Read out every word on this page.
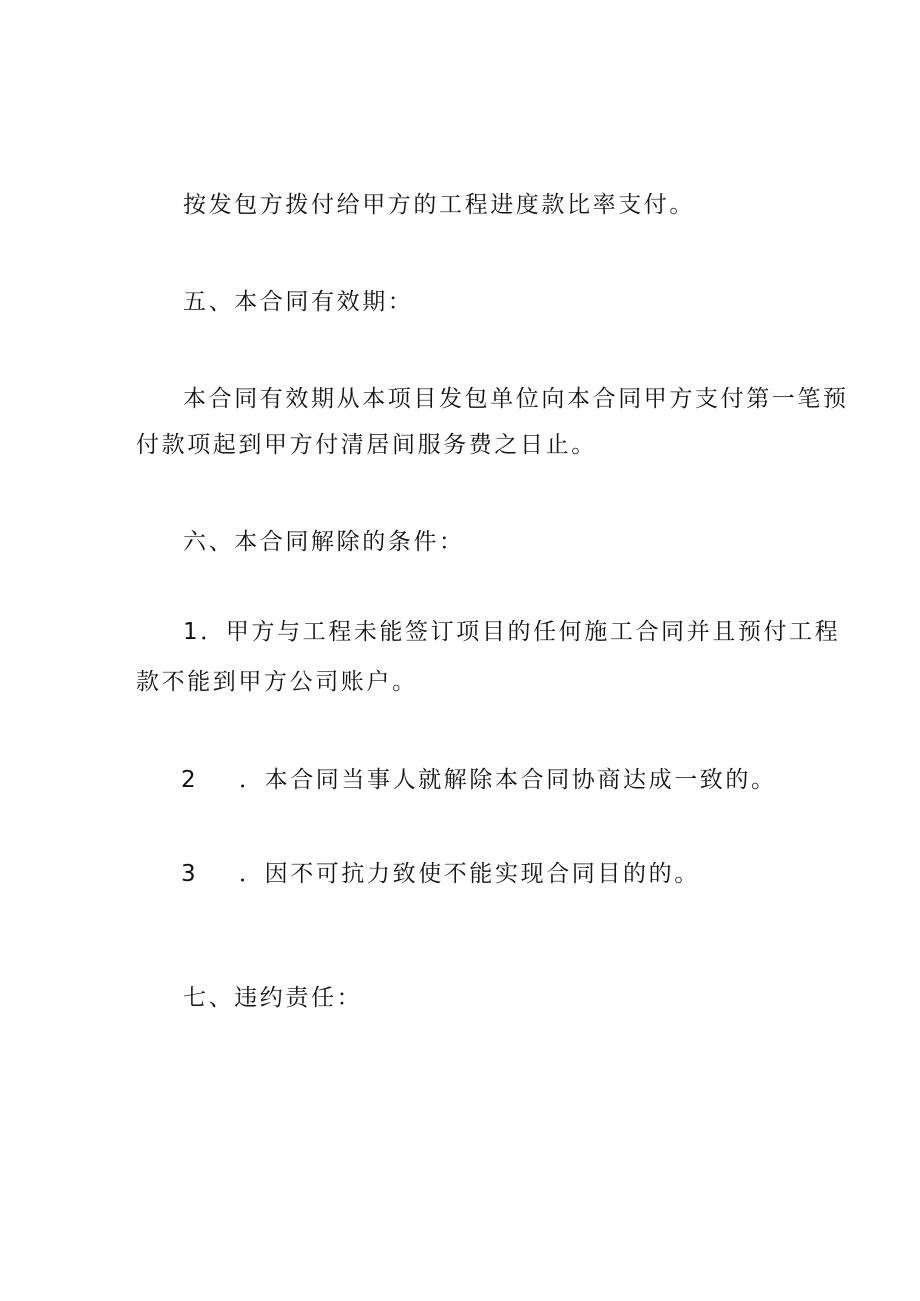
按发包方拨付给甲方的工程进度款比率支付。
五、本合同有效期：
本合同有效期从本项目发包单位向本合同甲方支付第一笔预
付款项起到甲方付清居间服务费之日止。
六、本合同解除的条件：
1．甲方与工程未能签订项目的任何施工合同并且预付工程
款不能到甲方公司账户。
2 ．本合同当事人就解除本合同协商达成一致的。
3 ．因不可抗力致使不能实现合同目的的。
七、违约责任：
